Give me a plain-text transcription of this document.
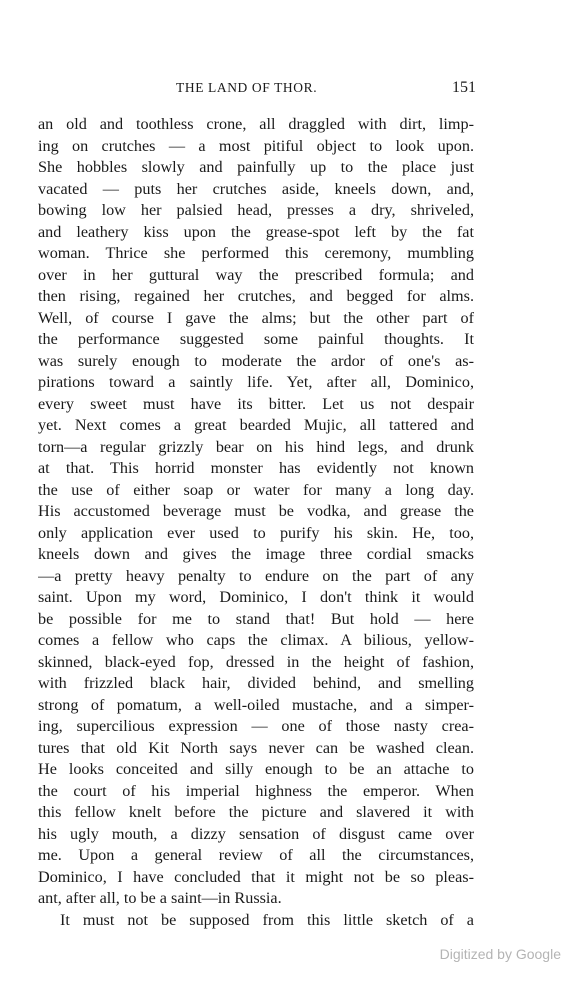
THE LAND OF THOR.	151
an old and toothless crone, all draggled with dirt, limp-
ing on crutches — a most pitiful object to look upon.
She hobbles slowly and painfully up to the place just
vacated — puts her crutches aside, kneels down, and,
bowing low her palsied head, presses a dry, shriveled,
and leathery kiss upon the grease-spot left by the fat
woman. Thrice she performed this ceremony, mumbling
over in her guttural way the prescribed formula; and
then rising, regained her crutches, and begged for alms.
Well, of course I gave the alms; but the other part of
the performance suggested some painful thoughts. It
was surely enough to moderate the ardor of one's as-
pirations toward a saintly life. Yet, after all, Dominico,
every sweet must have its bitter. Let us not despair
yet. Next comes a great bearded Mujic, all tattered and
torn—a regular grizzly bear on his hind legs, and drunk
at that. This horrid monster has evidently not known
the use of either soap or water for many a long day.
His accustomed beverage must be vodka, and grease the
only application ever used to purify his skin. He, too,
kneels down and gives the image three cordial smacks
—a pretty heavy penalty to endure on the part of any
saint. Upon my word, Dominico, I don't think it would
be possible for me to stand that! But hold — here
comes a fellow who caps the climax. A bilious, yellow-
skinned, black-eyed fop, dressed in the height of fashion,
with frizzled black hair, divided behind, and smelling
strong of pomatum, a well-oiled mustache, and a simper-
ing, supercilious expression — one of those nasty crea-
tures that old Kit North says never can be washed clean.
He looks conceited and silly enough to be an attache to
the court of his imperial highness the emperor. When
this fellow knelt before the picture and slavered it with
his ugly mouth, a dizzy sensation of disgust came over
me. Upon a general review of all the circumstances,
Dominico, I have concluded that it might not be so pleas-
ant, after all, to be a saint—in Russia.
It must not be supposed from this little sketch of a
Digitized by Google
